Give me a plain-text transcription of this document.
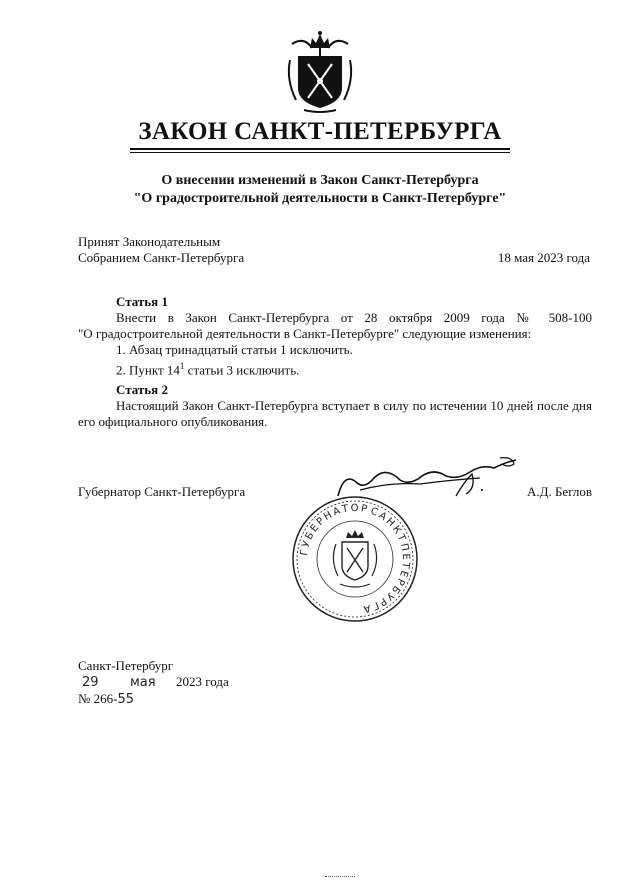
ЗАКОН САНКТ-ПЕТЕРБУРГА
О внесении изменений в Закон Санкт-Петербурга
"О градостроительной деятельности в Санкт-Петербурге"
Принят Законодательным
Собранием Санкт-Петербурга	18 мая 2023 года
Статья 1
Внести в Закон Санкт-Петербурга от 28 октября 2009 года № 508-100
"О градостроительной деятельности в Санкт-Петербурге" следующие изменения:
1. Абзац тринадцатый статьи 1 исключить.
2. Пункт $14^1$ статьи 3 исключить.
Статья 2
Настоящий Закон Санкт-Петербурга вступает в силу по истечении 10 дней после дня
его официального опубликования.
Губернатор Санкт-Петербурга	А.Д. Беглов
ГУБЕРНАТОР
САНКТ
ПЕТЕРБУРГА
Санкт-Петербург
29 мая 2023 года
№ 266-55
